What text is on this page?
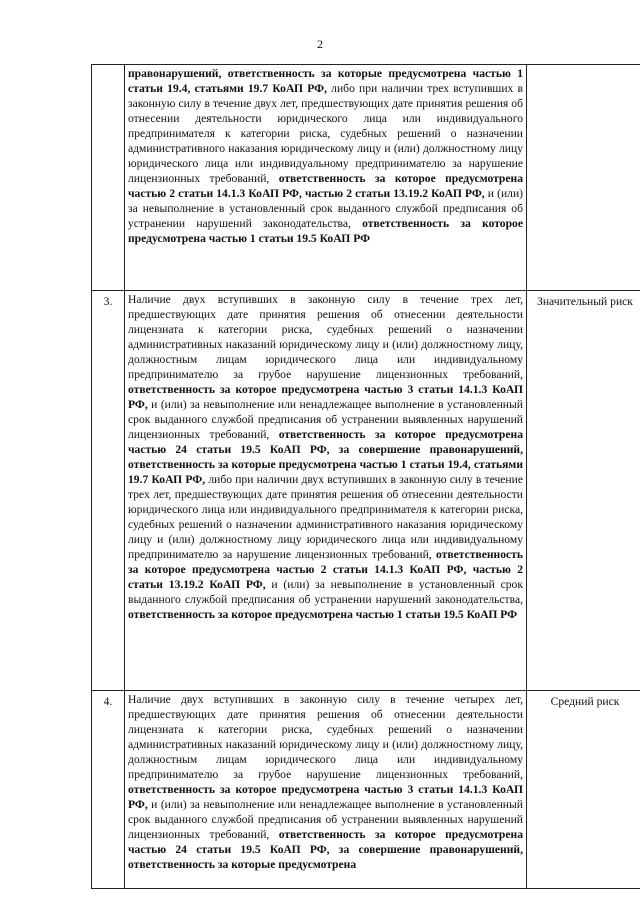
2
	правонарушений, ответственность за которые предусмотрена частью 1 статьи 19.4, статьями 19.7 КоАП РФ, либо при наличии трех вступивших в законную силу в течение двух лет, предшествующих дате принятия решения об отнесении деятельности юридического лица или индивидуального предпринимателя к категории риска, судебных решений о назначении административного наказания юридическому лицу и (или) должностному лицу юридического лица или индивидуальному предпринимателю за нарушение лицензионных требований, ответственность за которое предусмотрена частью 2 статьи 14.1.3 КоАП РФ, частью 2 статьи 13.19.2 КоАП РФ, и (или) за невыполнение в установленный срок выданного службой предписания об устранении нарушений законодательства, ответственность за которое предусмотрена частью 1 статьи 19.5 КоАП РФ	
3.	Наличие двух вступивших в законную силу в течение трех лет, предшествующих дате принятия решения об отнесении деятельности лицензиата к категории риска, судебных решений о назначении административных наказаний юридическому лицу и (или) должностному лицу, должностным лицам юридического лица или индивидуальному предпринимателю за грубое нарушение лицензионных требований, ответственность за которое предусмотрена частью 3 статьи 14.1.3 КоАП РФ, и (или) за невыполнение или ненадлежащее выполнение в установленный срок выданного службой предписания об устранении выявленных нарушений лицензионных требований, ответственность за которое предусмотрена частью 24 статьи 19.5 КоАП РФ, за совершение правонарушений, ответственность за которые предусмотрена частью 1 статьи 19.4, статьями 19.7 КоАП РФ, либо при наличии двух вступивших в законную силу в течение трех лет, предшествующих дате принятия решения об отнесении деятельности юридического лица или индивидуального предпринимателя к категории риска, судебных решений о назначении административного наказания юридическому лицу и (или) должностному лицу юридического лица или индивидуальному предпринимателю за нарушение лицензионных требований, ответственность за которое предусмотрена частью 2 статьи 14.1.3 КоАП РФ, частью 2 статьи 13.19.2 КоАП РФ, и (или) за невыполнение в установленный срок выданного службой предписания об устранении нарушений законодательства, ответственность за которое предусмотрена частью 1 статьи 19.5 КоАП РФ	Значительный риск
4.	Наличие двух вступивших в законную силу в течение четырех лет, предшествующих дате принятия решения об отнесении деятельности лицензиата к категории риска, судебных решений о назначении административных наказаний юридическому лицу и (или) должностному лицу, должностным лицам юридического лица или индивидуальному предпринимателю за грубое нарушение лицензионных требований, ответственность за которое предусмотрена частью 3 статьи 14.1.3 КоАП РФ, и (или) за невыполнение или ненадлежащее выполнение в установленный срок выданного службой предписания об устранении выявленных нарушений лицензионных требований, ответственность за которое предусмотрена частью 24 статьи 19.5 КоАП РФ, за совершение правонарушений, ответственность за которые предусмотрена	Средний риск
